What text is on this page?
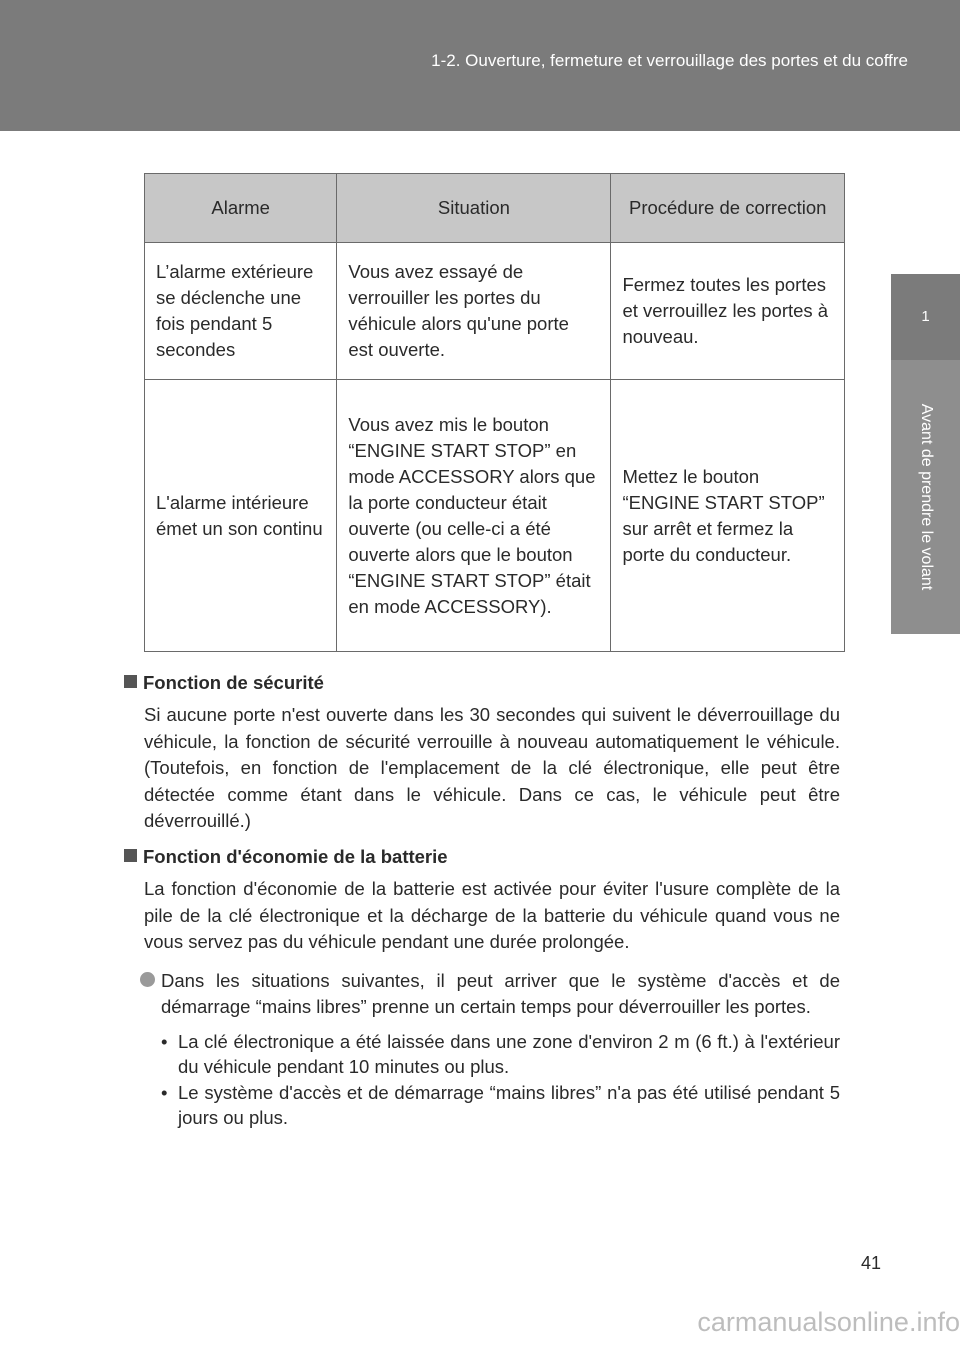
1-2. Ouverture, fermeture et verrouillage des portes et du coffre
1
Avant de prendre le volant
Alarme	Situation	Procédure de correction
L’alarme extérieure se déclenche une fois pendant 5 secondes	Vous avez essayé de verrouiller les portes du véhicule alors qu'une porte est ouverte.	Fermez toutes les portes et verrouillez les portes à nouveau.
L'alarme intérieure émet un son continu	Vous avez mis le bouton “ENGINE START STOP” en mode ACCESSORY alors que la porte conducteur était ouverte (ou celle-ci a été ouverte alors que le bouton “ENGINE START STOP” était en mode ACCESSORY).	Mettez le bouton “ENGINE START STOP” sur arrêt et fermez la porte du conducteur.
Fonction de sécurité

Si aucune porte n'est ouverte dans les 30 secondes qui suivent le déverrouillage du véhicule, la fonction de sécurité verrouille à nouveau automatiquement le véhicule. (Toutefois, en fonction de l'emplacement de la clé électronique, elle peut être détectée comme étant dans le véhicule. Dans ce cas, le véhicule peut être déverrouillé.)

Fonction d'économie de la batterie

La fonction d'économie de la batterie est activée pour éviter l'usure complète de la pile de la clé électronique et la décharge de la batterie du véhicule quand vous ne vous servez pas du véhicule pendant une durée prolongée.

Dans les situations suivantes, il peut arriver que le système d'accès et de démarrage “mains libres” prenne un certain temps pour déverrouiller les portes.
• La clé électronique a été laissée dans une zone d'environ 2 m (6 ft.) à l'extérieur du véhicule pendant 10 minutes ou plus.
• Le système d'accès et de démarrage “mains libres” n'a pas été utilisé pendant 5 jours ou plus.
41
carmanualsonline.info
